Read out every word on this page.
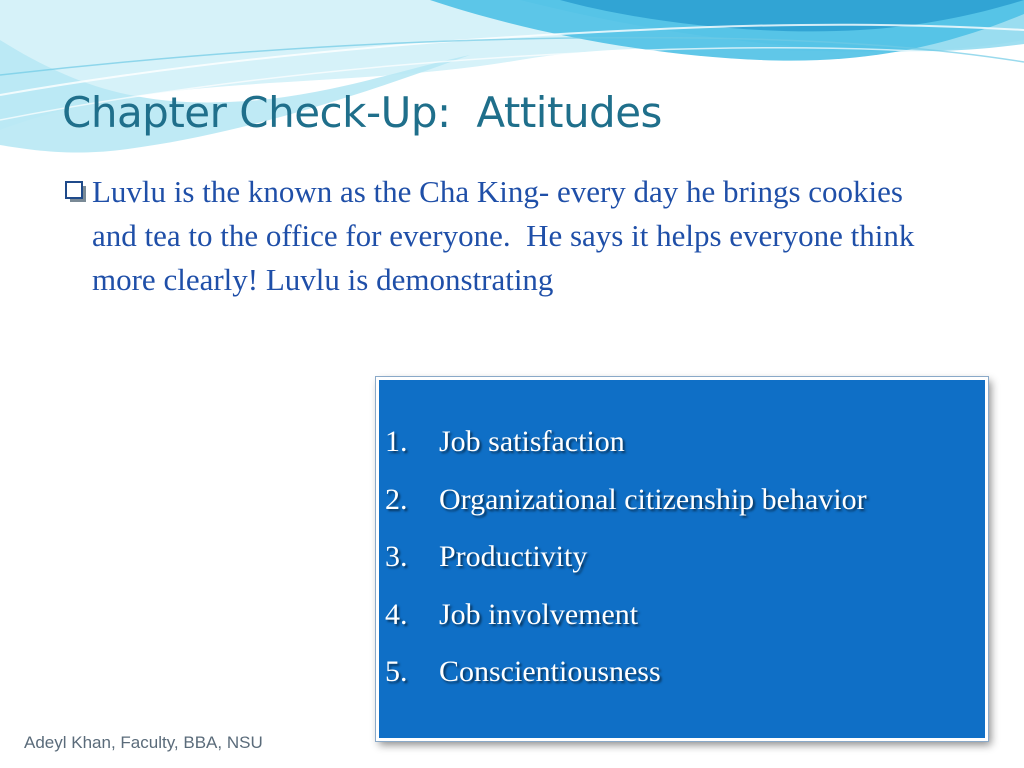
Chapter Check-Up:  Attitudes
Luvlu is the known as the Cha King- every day he brings cookies and tea to the office for everyone.  He says it helps everyone think more clearly! Luvlu is demonstrating
1.	Job satisfaction
2.	Organizational citizenship behavior
3.	Productivity
4.	Job involvement
5.	Conscientiousness
Adeyl Khan, Faculty, BBA, NSU
